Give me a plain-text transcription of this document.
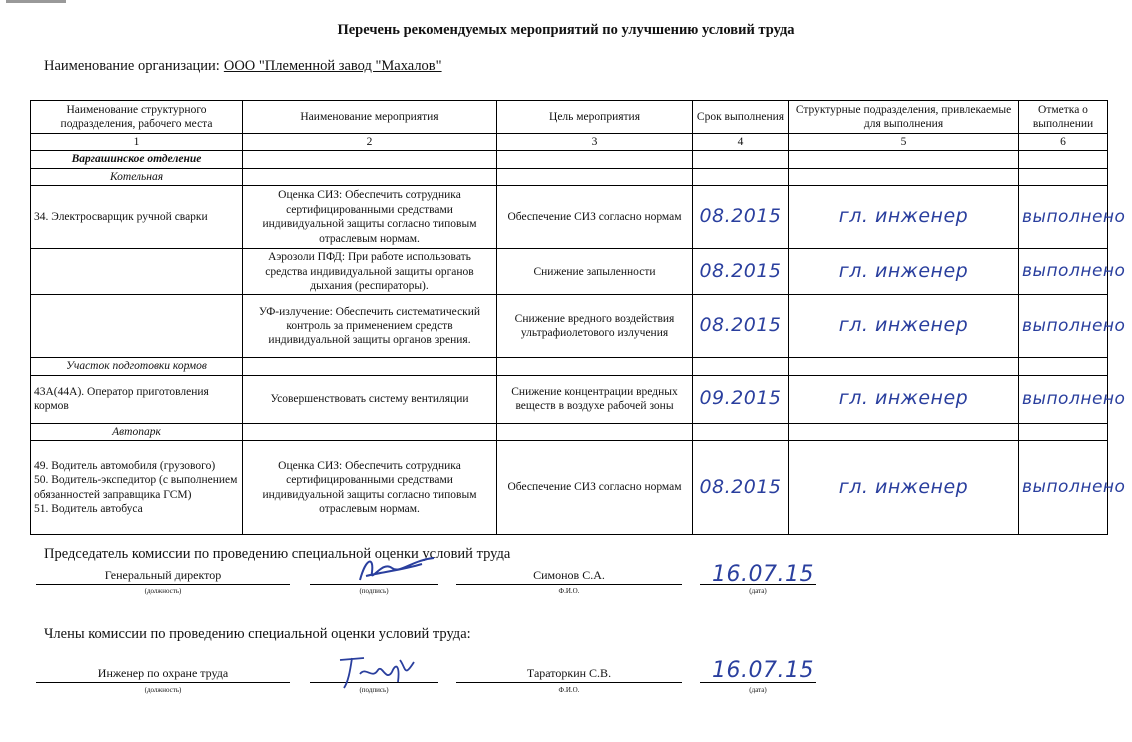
Перечень рекомендуемых мероприятий по улучшению условий труда
Наименование организации: ООО "Племенной завод "Махалов"
Наименование структурного подразделения, рабочего места	Наименование мероприятия	Цель мероприятия	Срок выполнения	Структурные подразделения, привлекаемые для выполнения	Отметка о выполнении
1	2	3	4	5	6
Варгашинское отделение					
Котельная					
34. Электросварщик ручной сварки	Оценка СИЗ: Обеспечить сотрудника сертифицированными средствами индивидуальной защиты согласно типовым отраслевым нормам.	Обеспечение СИЗ согласно нормам	08.2015	гл. инженер	выполнено
	Аэрозоли ПФД: При работе использовать средства индивидуальной защиты органов дыхания (респираторы).	Снижение запыленности	08.2015	гл. инженер	выполнено
	УФ-излучение: Обеспечить систематический контроль за применением средств индивидуальной защиты органов зрения.	Снижение вредного воздействия ультрафиолетового излучения	08.2015	гл. инженер	выполнено
Участок подготовки кормов					
43А(44А). Оператор приготовления кормов	Усовершенствовать систему вентиляции	Снижение концентрации вредных веществ в воздухе рабочей зоны	09.2015	гл. инженер	выполнено
Автопарк					
49. Водитель автомобиля (грузового)
50. Водитель-экспедитор (с выполнением обязанностей заправщика ГСМ)
51. Водитель автобуса	Оценка СИЗ: Обеспечить сотрудника сертифицированными средствами индивидуальной защиты согласно типовым отраслевым нормам.	Обеспечение СИЗ согласно нормам	08.2015	гл. инженер	выполнено
Председатель комиссии по проведению специальной оценки условий труда
Генеральный директор
(должность)	(подпись)
Симонов С.А.
Ф.И.О.
16.07.15
(дата)
Члены комиссии по проведению специальной оценки условий труда:
Инженер по охране труда
(должность)	(подпись)
Тараторкин С.В.
Ф.И.О.
16.07.15
(дата)
